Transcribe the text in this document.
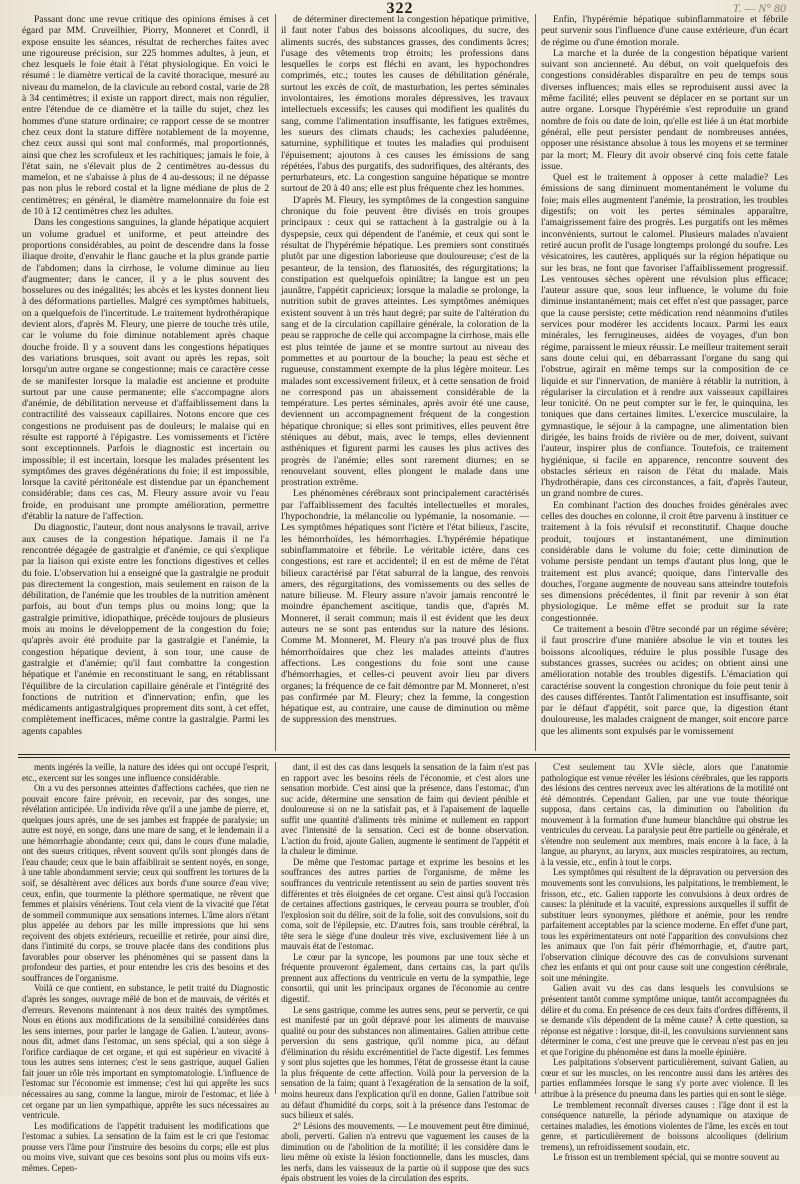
322	T. — N° 80

Passant donc une revue critique des opinions émises à cet égard par MM. Cruveilhier, Piorry, Monneret et Conrdl, il expose ensuite les séances, résultat de recherches faites avec une rigoureuse précision, sur 225 hommes adultes, à jeun, et chez lesquels le foie était à l'état physiologique. En voici le résumé : le diamètre vertical de la cavité thoracique, mesuré au niveau du mamelon, de la clavicule au rebord costal, varie de 28 à 34 centimètres; il existe un rapport direct, mais non régulier, entre l'étendue de ce diamètre et la taille du sujet, chez les hommes d'une stature ordinaire; ce rapport cesse de se montrer chez ceux dont la stature diffère notablement de la moyenne, chez ceux aussi qui sont mal conformés, mal proportionnés, ainsi que chez les scrofuleux et les rachitiques; jamais le foie, à l'état sain, ne s'élevait plus de 2 centimètres au-dessus du mamelon, et ne s'abaisse à plus de 4 au-dessous; il ne dépasse pas non plus le rebord costal et la ligne médiane de plus de 2 centimètres; en général, le diamètre mamelonnaire du foie est de 10 à 12 centimètres chez les adultes.

Dans les congestions sanguines, la glande hépatique acquiert un volume graduel et uniforme, et peut atteindre des proportions considérables, au point de descendre dans la fosse iliaque droite, d'envahir le flanc gauche et la plus grande partie de l'abdomen; dans la cirrhose, le volume diminue au lieu d'augmenter; dans le cancer, il y a le plus souvent des bosselures ou des inégalités; les abcès et les kystes donnent lieu à des déformations partielles. Malgré ces symptômes habituels, on a quelquefois de l'incertitude. Le traitement hydrothérapique devient alors, d'après M. Fleury, une pierre de touche très utile, car le volume du foie diminue notablement après chaque douche froide. Il y a souvent dans les congestions hépatiques des variations brusques, soit avant ou après les repas, soit lorsqu'un autre organe se congestionne; mais ce caractère cesse de se manifester lorsque la maladie est ancienne et produite surtout par une cause permanente; elle s'accompagne alors d'anémie, de débilitation nerveuse et d'affaiblissement dans la contractilité des vaisseaux capillaires. Notons encore que ces congestions ne produisent pas de douleurs; le malaise qui en résulte est rapporté à l'épigastre. Les vomissements et l'ictère sont exceptionnels. Parfois le diagnostic est incertain ou impossible; il est incertain, lorsque les malades présentent les symptômes des graves dégénérations du foie; il est impossible, lorsque la cavité péritonéale est distendue par un épanchement considérable; dans ces cas, M. Fleury assure avoir vu l'eau froide, en produisant une prompte amélioration, permettre d'établir la nature de l'affection.

Du diagnostic, l'auteur, dont nous analysons le travail, arrive aux causes de la congestion hépatique. Jamais il ne l'a rencontrée dégagée de gastralgie et d'anémie, ce qui s'explique par la liaison qui existe entre les fonctions digestives et celles du foie. L'observation lui a enseigné que la gastralgie ne produit pas directement la congestion, mais seulement en raison de la débilitation, de l'anémie que les troubles de la nutrition amènent parfois, au bout d'un temps plus ou moins long; que la gastralgie primitive, idiopathique, précède toujours de plusieurs mois au moins le développement de la congestion du foie; qu'après avoir été produite par la gastralgie et l'anémie, la congestion hépatique devient, à son tour, une cause de gastralgie et d'anémie; qu'il faut combattre la congestion hépatique et l'anémie en reconstituant le sang, en rétablissant l'équilibre de la circulation capillaire générale et l'intégrité des fonctions de nutrition et d'innervation; enfin, que les médicaments antigastralgiques proprement dits sont, à cet effet, complètement inefficaces, même contre la gastralgie. Parmi les agents capables

de déterminer directement la congestion hépatique primitive, il faut noter l'abus des boissons alcooliques, du sucre, des aliments sucrés, des substances grasses, des condiments âcres; l'usage des vêtements trop étroits; les professions dans lesquelles le corps est fléchi en avant, les hypochondres comprimés, etc.; toutes les causes de débilitation générale, surtout les excès de coït, de masturbation, les pertes séminales involontaires, les émotions morales dépressives, les travaux intellectuels excessifs; les causes qui modifient les qualités du sang, comme l'alimentation insuffisante, les fatigues extrêmes, les sueurs des climats chauds; les cachexies paludéenne, saturnine, syphilitique et toutes les maladies qui produisent l'épuisement; ajoutons à ces causes les émissions de sang répétées, l'abus des purgatifs, des sudorifiques, des altérants, des perturbateurs, etc. La congestion sanguine hépatique se montre surtout de 20 à 40 ans; elle est plus fréquente chez les hommes.

D'après M. Fleury, les symptômes de la congestion sanguine chronique du foie peuvent être divisés en trois groupes principaux : ceux qui se rattachent à la gastralgie ou à la dyspepsie, ceux qui dépendent de l'anémie, et ceux qui sont le résultat de l'hypérémie hépatique. Les premiers sont constitués plutôt par une digestion laborieuse que douloureuse; c'est de la pesanteur, de la tension, des flatuosités, des régurgitations; la constipation est quelquefois opiniâtre; la langue est un peu jaunâtre, l'appétit capricieux; lorsque la maladie se prolonge, la nutrition subit de graves atteintes. Les symptômes anémiques existent souvent à un très haut degré; par suite de l'altération du sang et de la circulation capillaire générale, la coloration de la peau se rapproche de celle qui accompagne la cirrhose, mais elle est plus teintée de jaune et se montre surtout au niveau des pommettes et au pourtour de la bouche; la peau est sèche et rugueuse, constamment exempte de la plus légère moiteur. Les malades sont excessivement frileux, et à cette sensation de froid ne correspond pas un abaissement considérable de la température. Les pertes séminales, après avoir été une cause, deviennent un accompagnement fréquent de la congestion hépatique chronique; si elles sont primitives, elles peuvent être sténiques au début, mais, avec le temps, elles deviennent asthéniques et figurent parmi les causes les plus actives des progrès de l'anémie; elles sont rarement diurnes; en se renouvelant souvent, elles plongent le malade dans une prostration extrême.

Les phénomènes cérébraux sont principalement caractérisés par l'affaiblissement des facultés intellectuelles et morales, l'hypochondrie, la mélancolie ou lypémanie, la nosomanie. — Les symptômes hépatiques sont l'ictère et l'état bilieux, l'ascite, les hémorrhoïdes, les hémorrhagies. L'hypérémie hépatique subinflammatoire et fébrile. Le véritable ictère, dans ces congestions, est rare et accidentel; il en est de même de l'état bilieux caractérisé par l'état saburral de la langue, des renvois amers, des régurgitations, des vomissements ou des selles de nature bilieuse. M. Fleury assure n'avoir jamais rencontré le moindre épanchement ascitique, tandis que, d'après M. Monneret, il serait commun; mais il est évident que les deux auteurs ne se sont pas entendus sur la nature des lésions. Comme M. Monneret, M. Fleury n'a pas trouvé plus de flux hémorrhoïdaires que chez les malades atteints d'autres affections. Les congestions du foie sont une cause d'hémorrhagies, et celles-ci peuvent avoir lieu par divers organes; la fréquence de ce fait démontre par M. Monneret, n'est pas confirmée par M. Fleury; chez la femme, la congestion hépatique est, au contraire, une cause de diminution ou même de suppression des menstrues.

Enfin, l'hypérémie hépatique subinflammatoire et fébrile peut survenir sous l'influence d'une cause extérieure, d'un écart de régime ou d'une émotion morale.

La marche et la durée de la congestion hépatique varient suivant son ancienneté. Au début, on voit quelquefois des congestions considérables disparaître en peu de temps sous diverses influences; mais elles se reproduisent aussi avec la même facilité; elles peuvent se déplacer en se portant sur un autre organe. Lorsque l'hypérémie s'est reproduite un grand nombre de fois ou date de loin, qu'elle est liée à un état morbide général, elle peut persister pendant de nombreuses années, opposer une résistance absolue à tous les moyens et se terminer par la mort; M. Fleury dit avoir observé cinq fois cette fatale issue.

Quel est le traitement à opposer à cette maladie? Les émissions de sang diminuent momentanément le volume du foie; mais elles augmentent l'anémie, la prostration, les troubles digestifs; on voit les pertes séminales apparaître, l'amaigrissement faire des progrès. Les purgatifs ont les mêmes inconvénients, surtout le calomel. Plusieurs malades n'avaient retiré aucun profit de l'usage longtemps prolongé du soufre. Les vésicatoires, les cautères, appliqués sur la région hépatique ou sur les bras, ne font que favoriser l'affaiblissement progressif. Les ventouses sèches opèrent une révulsion plus efficace; l'auteur assure que, sous leur influence, le volume du foie diminue instantanément; mais cet effet n'est que passager, parce que la cause persiste; cette médication rend néanmoins d'utiles services pour modérer les accidents locaux. Parmi les eaux minérales, les ferrugineuses, aidées de voyages, d'un bon régime, paraissent le mieux réussir. Le meilleur traitement serait sans doute celui qui, en débarrassant l'organe du sang qui l'obstrue, agirait en même temps sur la composition de ce liquide et sur l'innervation, de manière à rétablir la nutrition, à régulariser la circulation et à rendre aux vaisseaux capillaires leur tonicité. On ne peut compter sur le fer, le quinquina, les toniques que dans certaines limites. L'exercice musculaire, la gymnastique, le séjour à la campagne, une alimentation bien dirigée, les bains froids de rivière ou de mer, doivent, suivant l'auteur, inspirer plus de confiance. Toutefois, ce traitement hygiénique, si facile en apparence, rencontre souvent des obstacles sérieux en raison de l'état du malade. Mais l'hydrothérapie, dans ces circonstances, a fait, d'après l'auteur, un grand nombre de cures.

En combinant l'action des douches froides générales avec celles des douches en colonne, il croit être parvenu à instituer ce traitement à la fois révulsif et reconstitutif. Chaque douche produit, toujours et instantanément, une diminution considérable dans le volume du foie; cette diminution de volume persiste pendant un temps d'autant plus long, que le traitement est plus avancé; quoique, dans l'intervalle des douches, l'organe augmente de nouveau sans atteindre toutefois ses dimensions précédentes, il finit par revenir à son état physiologique. Le même effet se produit sur la rate congestionnée.

Ce traitement a besoin d'être secondé par un régime sévère; il faut proscrire d'une manière absolue le vin et toutes les boissons alcooliques, réduire le plus possible l'usage des substances grasses, sucrées ou acides; on obtient ainsi une amélioration notable des troubles digestifs. L'émaciation qui caractérise souvent la congestion chronique du foie peut tenir à des causes différentes. Tantôt l'alimentation est insuffisante, soit par le défaut d'appétit, soit parce que, la digestion étant douloureuse, les malades craignent de manger, soit encore parce que les aliments sont expulsés par le vomissement

ments ingérés la veille, la nature des idées qui ont occupé l'esprit, etc., exercent sur les songes une influence considérable.

On a vu des personnes atteintes d'affections cachées, que rien ne pouvait encore faire prévoir, en recevoir, par des songes, une révélation anticipée. Un individu rêve qu'il a une jambe de pierre, et, quelques jours après, une de ses jambes est frappée de paralysie; un autre est noyé, en songe, dans une mare de sang, et le lendemain il a une hémorrhagie abondante; ceux qui, dans le cours d'une maladie, ont des sueurs critiques, rêvent souvent qu'ils sont plongés dans de l'eau chaude; ceux que le bain affaiblirait se sentent noyés, en songe, à une table abondamment servie; ceux qui souffrent les tortures de la soif, se désaltèrent avec délices aux bords d'une source d'eau vive; ceux, enfin, que tourmente la pléthore spermatique, ne rêvent que femmes et plaisirs vénériens. Tout cela vient de la vivacité que l'état de sommeil communique aux sensations internes. L'âme alors n'étant plus appelée au dehors par les mille impressions que lui sens reçoivent des objets extérieurs, recueillie et retirée, pour ainsi dire, dans l'intimité du corps, se trouve placée dans des conditions plus favorables pour observer les phénomènes qui se passent dans la profondeur des parties, et pour entendre les cris des besoins et des souffrances de l'organisme.

Voilà ce que contient, en substance, le petit traité du Diagnostic d'après les songes, ouvrage mêlé de bon et de mauvais, de vérités et d'erreurs. Revenons maintenant à nos deux traités des symptômes. Nous en étions aux modifications de la sensibilité considérées dans les sens internes, pour parler le langage de Galien. L'auteur, avons-nous dit, admet dans l'estomac, un sens spécial, qui a son siège à l'orifice cardiaque de cet organe, et qui est supérieur en vivacité à tous les autres sens internes; c'est le sens gastrique, auquel Galien fait jouer un rôle très important en symptomatologie. L'influence de l'estomac sur l'économie est immense; c'est lui qui apprête les sucs nécessaires au sang, comme la langue, miroir de l'estomac, et liée à cet organe par un lien sympathique, apprête les sucs nécessaires au ventricule.

Les modifications de l'appétit traduisent les modifications que l'estomac a subies. La sensation de la faim est le cri que l'estomac pousse vers l'âme pour l'instruire des besoins du corps; elle est plus ou moins vive, suivant que ces besoins sont plus ou moins vifs eux-mêmes. Cepen-

dant, il est des cas dans lesquels la sensation de la faim n'est pas en rapport avec les besoins réels de l'économie, et c'est alors une sensation morbide. C'est ainsi que la présence, dans l'estomac, d'un suc acide, détermine une sensation de faim qui devient pénible et douloureuse si on ne la satisfait pas, et à l'apaisement de laquelle suffit une quantité d'aliments très minime et nullement en rapport avec l'intensité de la sensation. Ceci est de bonne observation. L'action du froid, ajoute Galien, augmente le sentiment de l'appétit et la chaleur le diminue.

De même que l'estomac partage et exprime les besoins et les souffrances des autres parties de l'organisme, de même les souffrances du ventricule retentissent au sein de parties souvent très différentes et très éloignées de cet organe. C'est ainsi qu'à l'occasion de certaines affections gastriques, le cerveau pourra se troubler, d'où l'explosion soit du délire, soit de la folie, soit des convulsions, soit du coma, soit de l'épilepsie, etc. D'autres fois, sans trouble cérébral, la tête sera le siège d'une douleur très vive, exclusivement liée à un mauvais état de l'estomac.

Le cœur par la syncope, les poumons par une toux sèche et fréquente prouveront également, dans certains cas, la part qu'ils prennent aux affections du ventricule en vertu de la sympathie, lege consortii, qui unit les principaux organes de l'économie au centre digestif.

Le sens gastrique, comme les autres sens, peut se pervertir, ce qui est manifesté par un goût dépravé pour les aliments de mauvaise qualité ou pour des substances non alimentaires. Galien attribue cette perversion du sens gastrique, qu'il nomme pica, au défaut d'élimination du résidu excrémentitiel de l'acte digestif. Les femmes y sont plus sujettes que les hommes, l'état de grossesse étant la cause la plus fréquente de cette affection. Voilà pour la perversion de la sensation de la faim; quant à l'exagération de la sensation de la soif, moins heureux dans l'explication qu'il en donne, Galien l'attribue soit au défaut d'humidité du corps, soit à la présence dans l'estomac de sucs bilieux et salés.

2° Lésions des mouvements. — Le mouvement peut être diminué, aboli, perverti. Galien n'a entrevu que vaguement les causes de la diminution ou de l'abolition de la motilité; il les considère dans le lieu même où existe la lésion fonctionnelle, dans les muscles, dans les nerfs, dans les vaisseaux de la partie où il suppose que des sucs épais obstruent les voies de la circulation des esprits.

C'est seulement tau XVIe siècle, alors que l'anatomie pathologique est venue révéler les lésions cérébrales, que les rapports des lésions des centres nerveux avec les altérations de la motilité ont été démontrés. Cependant Galien, par une vue toute théorique supposa, dans certains cas, la diminution ou l'abolition du mouvement à la formation d'une humeur blanchâtre qui obstrue les ventricules du cerveau. La paralysie peut être partielle ou générale, et s'étendre non seulement aux membres, mais encore à la face, à la langue, au pharynx, au larynx, aux muscles respiratoires, au rectum, à la vessie, etc., enfin à tout le corps.

Les symptômes qui résultent de la dépravation ou perversion des mouvements sont les convulsions, les palpitations, le tremblement, le frisson, etc., etc. Galien rapporte les convulsions à deux ordres de causes: la plénitude et la vacuité, expressions auxquelles il suffit de substituer leurs synonymes, pléthore et anémie, pour les rendre parfaitement acceptables par la science moderne. En effet d'une part, tous les expérimentateurs ont noté l'apparition des convulsions chez les animaux que l'on fait périr d'hémorrhagie, et, d'autre part, l'observation clinique découvre des cas de convulsions survenant chez les enfants et qui ont pour cause soit une congestion cérébrale, soit une méningite.

Galien avait vu des cas dans lesquels les convulsions se présentent tantôt comme symptôme unique, tantôt accompagnées du délire et du coma. En présence de ces deux faits d'ordres différents, il se demande s'ils dépendent de la même cause? À cette question, sa réponse est négative : lorsque, dit-il, les convulsions surviennent sans déterminer le coma, c'est une preuve que le cerveau n'est pas en jeu et que l'origine du phénomène est dans la moelle épinière.

Les palpitations s'observent particulièrement, suivant Galien, au cœur et sur les muscles, on les rencontre aussi dans les artères des parties enflammées lorsque le sang s'y porte avec violence. Il les attribue à la présence du pneuma dans les parties qui en sont le siège.

Le tremblement reconnaît diverses causes : l'âge dont il est la conséquence naturelle, la période adynamique ou ataxique de certaines maladies, les émotions violentes de l'âme, les excès en tout genre, et particulièrement de boissons alcooliques (delirium tremens), un refroidissement soudain, etc.

Le frisson est un tremblement spécial, qui se montre souvent au
